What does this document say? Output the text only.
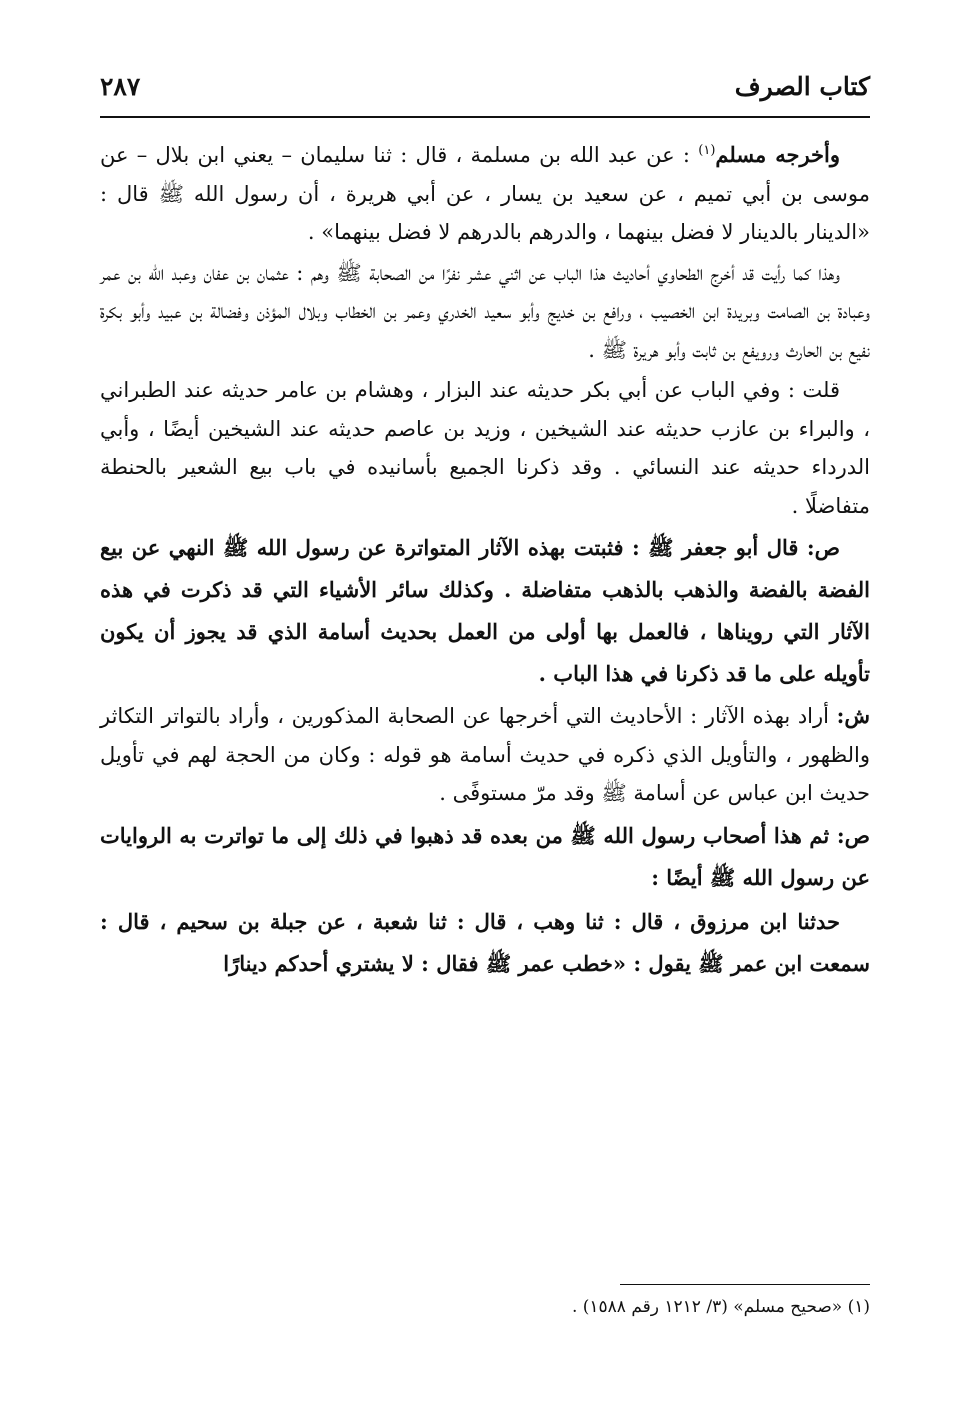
كتاب الصرف
٢٨٧

وأخرجه مسلم$^{(١)}$ : عن عبد الله بن مسلمة ، قال : ثنا سليمان – يعني ابن بلال – عن موسى بن أبي تميم ، عن سعيد بن يسار ، عن أبي هريرة ، أن رسول الله ﷺ قال : «الدينار بالدينار لا فضل بينهما ، والدرهم بالدرهم لا فضل بينهما» .

وهذا كما رأيت قد أخرج الطحاوي أحاديث هذا الباب عن اثني عشر نفرًا من الصحابة ﷺ وهم : عثمان بن عفان وعبد الله بن عمر وعبادة بن الصامت وبريدة ابن الخصيب ، ورافع بن خديج وأبو سعيد الخدري وعمر بن الخطاب وبلال المؤذن وفضالة بن عبيد وأبو بكرة نفيع بن الحارث ورويفع بن ثابت وأبو هريرة ﷺ .

قلت : وفي الباب عن أبي بكر حديثه عند البزار ، وهشام بن عامر حديثه عند الطبراني ، والبراء بن عازب حديثه عند الشيخين ، وزيد بن عاصم حديثه عند الشيخين أيضًا ، وأبي الدرداء حديثه عند النسائي . وقد ذكرنا الجميع بأسانيده في باب بيع الشعير بالحنطة متفاضلًا .

ص: قال أبو جعفر ﷺ : فثبتت بهذه الآثار المتواترة عن رسول الله ﷺ النهي عن بيع الفضة بالفضة والذهب بالذهب متفاضلة . وكذلك سائر الأشياء التي قد ذكرت في هذه الآثار التي رويناها ، فالعمل بها أولى من العمل بحديث أسامة الذي قد يجوز أن يكون تأويله على ما قد ذكرنا في هذا الباب .

ش: أراد بهذه الآثار : الأحاديث التي أخرجها عن الصحابة المذكورين ، وأراد بالتواتر التكاثر والظهور ، والتأويل الذي ذكره في حديث أسامة هو قوله : وكان من الحجة لهم في تأويل حديث ابن عباس عن أسامة ﷺ وقد مرّ مستوفًى .

ص: ثم هذا أصحاب رسول الله ﷺ من بعده قد ذهبوا في ذلك إلى ما تواترت به الروايات عن رسول الله ﷺ أيضًا :

حدثنا ابن مرزوق ، قال : ثنا وهب ، قال : ثنا شعبة ، عن جبلة بن سحيم ، قال : سمعت ابن عمر ﷺ يقول : «خطب عمر ﷺ فقال : لا يشتري أحدكم دينارًا

(١) «صحيح مسلم» (٣/ ١٢١٢ رقم ١٥٨٨) .
